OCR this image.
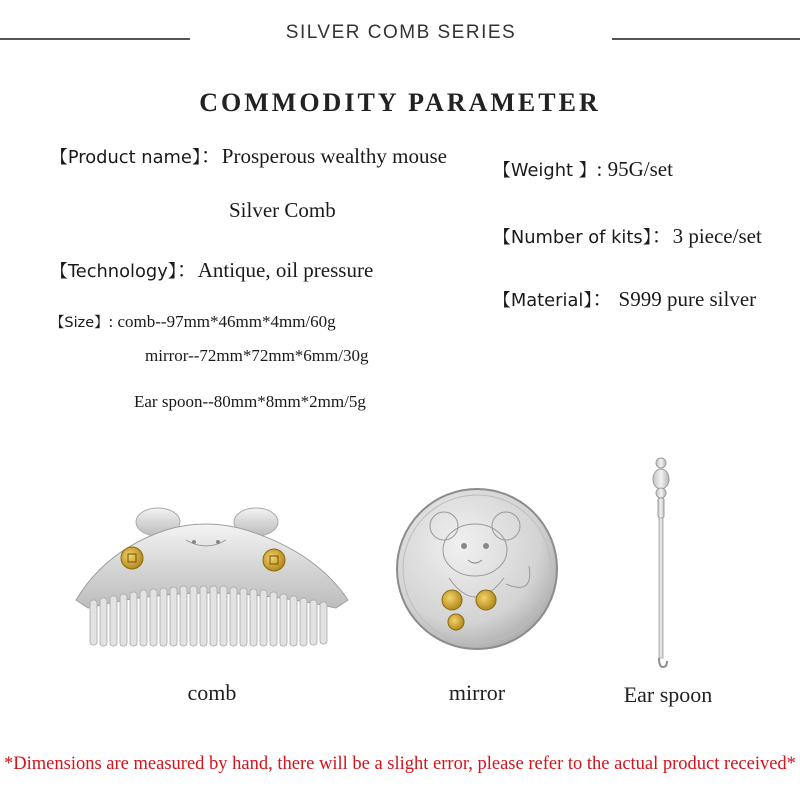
SILVER COMB SERIES
COMMODITY PARAMETER
【Product name】：Prosperous wealthy mouse
Silver Comb
【Technology】：Antique, oil pressure
【Size】: comb--97mm*46mm*4mm/60g
mirror--72mm*72mm*6mm/30g
Ear spoon--80mm*8mm*2mm/5g
【Weight 】: 95G/set
【Number of kits】：3 piece/set
【Material】： S999 pure silver
comb	mirror	Ear spoon
*Dimensions are measured by hand, there will be a slight error, please refer to the actual product received*
